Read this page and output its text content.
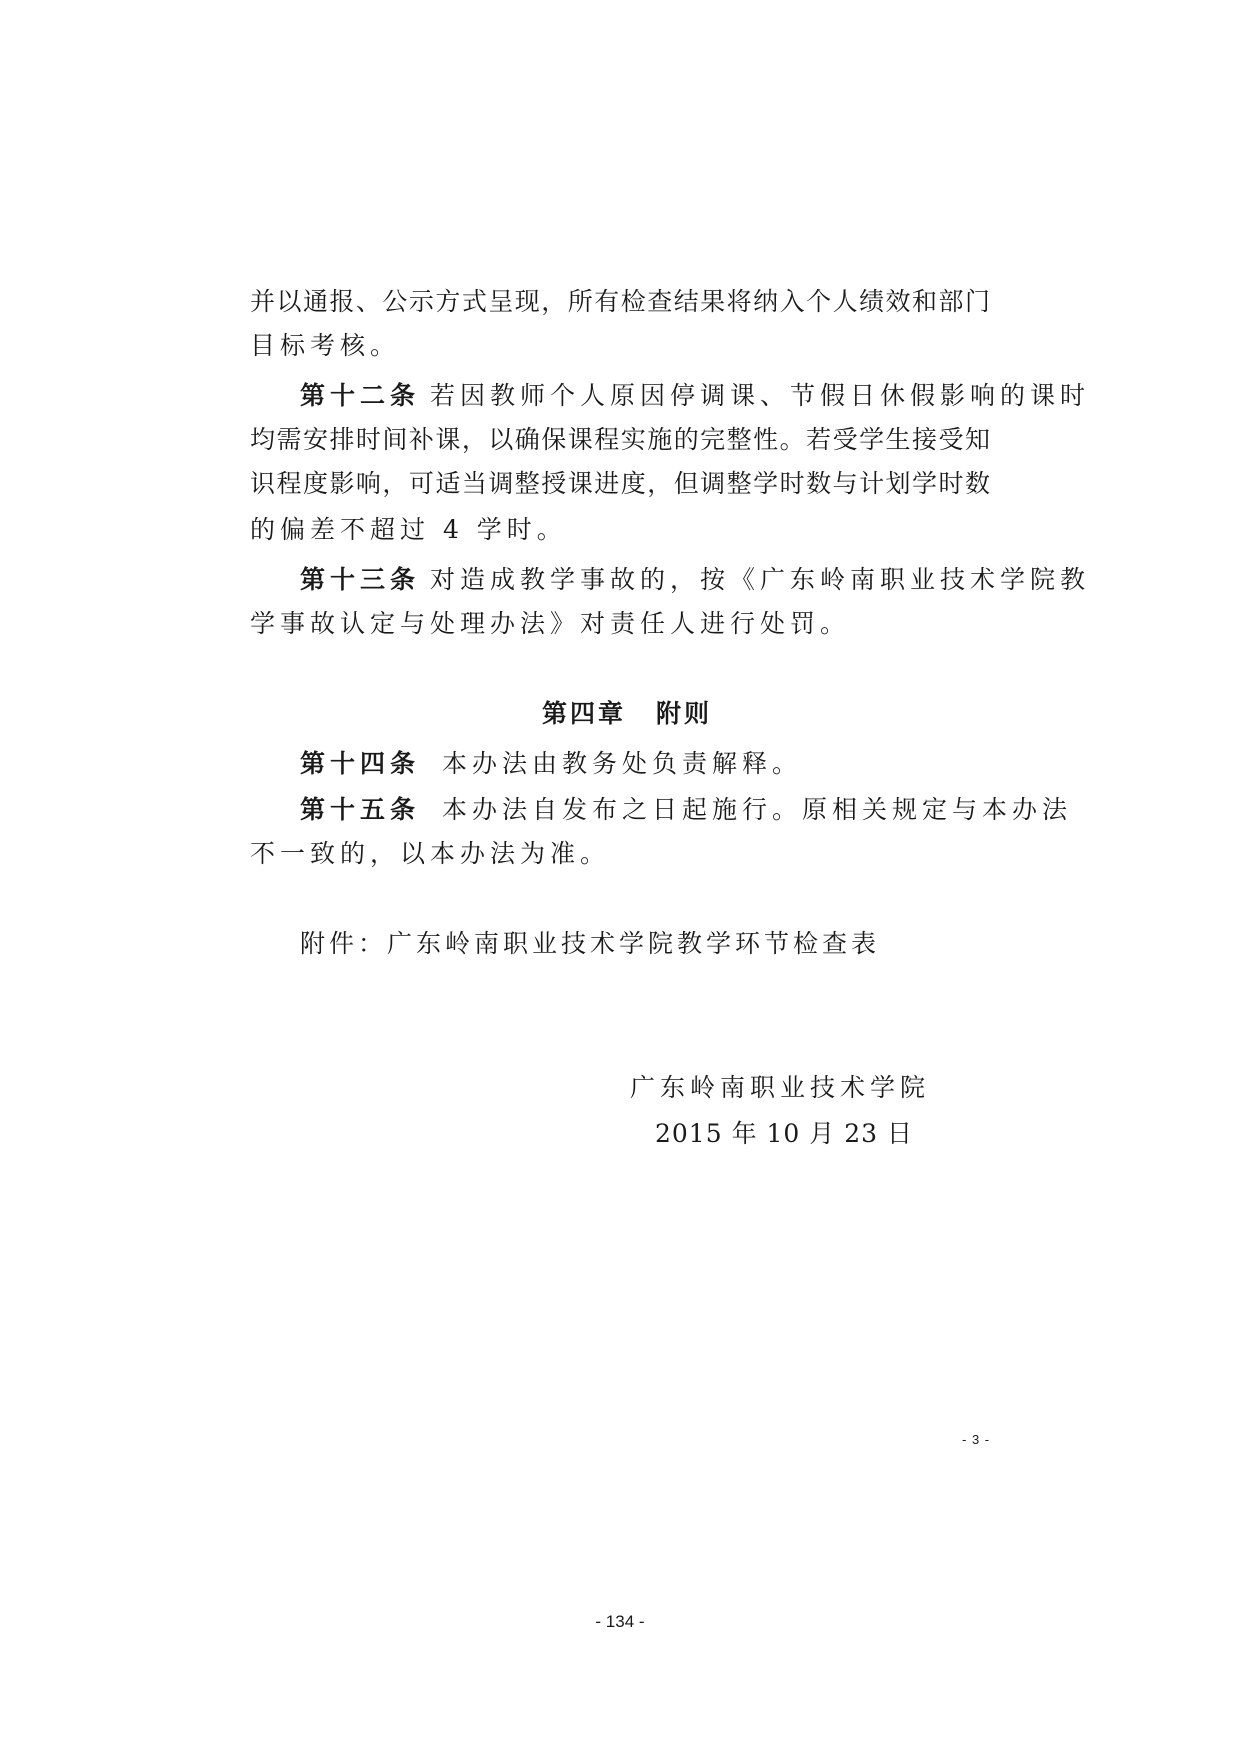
并以通报、公示方式呈现，所有检查结果将纳入个人绩效和部门
目标考核。
第十二条 若因教师个人原因停调课、节假日休假影响的课时
均需安排时间补课，以确保课程实施的完整性。若受学生接受知
识程度影响，可适当调整授课进度，但调整学时数与计划学时数
的偏差不超过 4 学时。
第十三条 对造成教学事故的，按《广东岭南职业技术学院教
学事故认定与处理办法》对责任人进行处罚。
第四章 附则
第十四条 本办法由教务处负责解释。
第十五条 本办法自发布之日起施行。原相关规定与本办法
不一致的，以本办法为准。
附件：广东岭南职业技术学院教学环节检查表
广东岭南职业技术学院
2015 年 10 月 23 日
- 3 -
- 134 -
